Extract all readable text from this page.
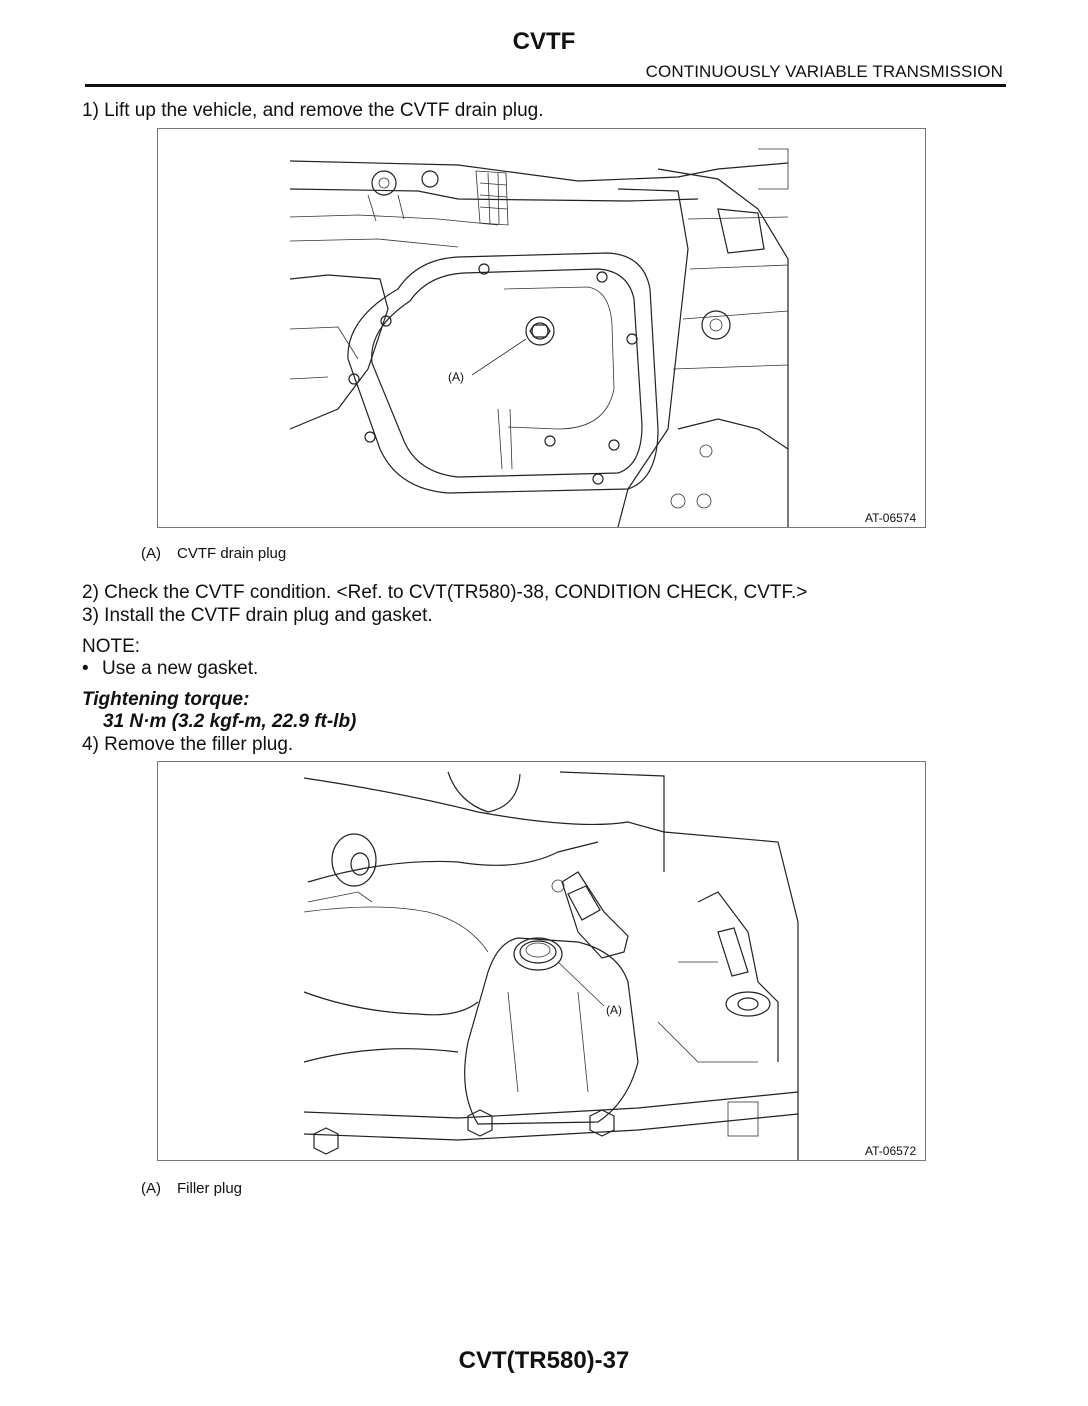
CVTF
CONTINUOUSLY VARIABLE TRANSMISSION
1) Lift up the vehicle, and remove the CVTF drain plug.
(A)
AT-06574
(A) CVTF drain plug
2) Check the CVTF condition. <Ref. to CVT(TR580)-38, CONDITION CHECK, CVTF.>
3) Install the CVTF drain plug and gasket.
NOTE:
• Use a new gasket.
Tightening torque:
31 N·m (3.2 kgf-m, 22.9 ft-lb)
4) Remove the filler plug.
(A)
AT-06572
(A) Filler plug
CVT(TR580)-37
